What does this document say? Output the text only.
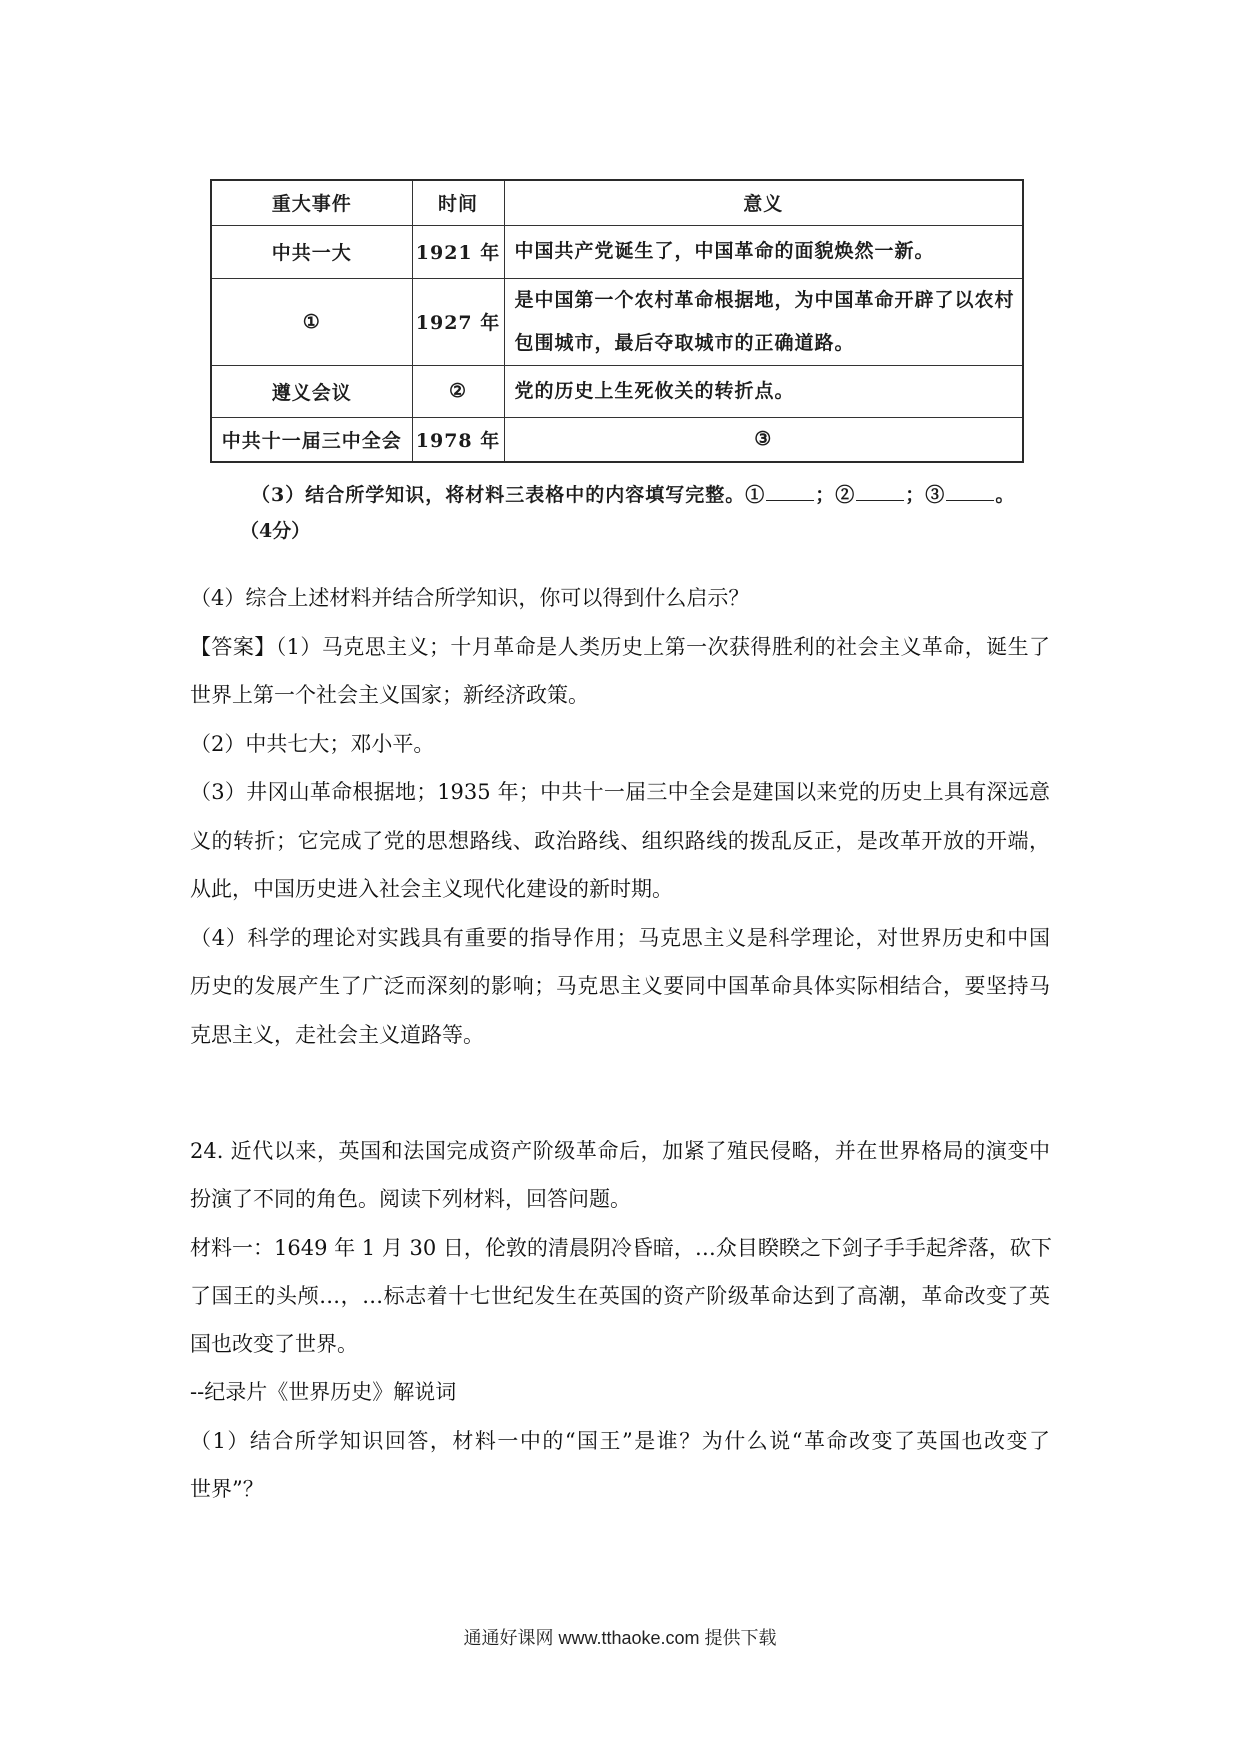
重大事件	时间	意义
中共一大	1921 年	中国共产党诞生了，中国革命的面貌焕然一新。

①	1927 年	是中国第一个农村革命根据地，为中国革命开辟了以农村
包围城市，最后夺取城市的正确道路。

遵义会议	②	党的历史上生死攸关的转折点。

中共十一届三中全会	1978 年	③
（3）结合所学知识，将材料三表格中的内容填写完整。①	；②	；③	。
（4分）
（4）综合上述材料并结合所学知识，你可以得到什么启示？
【答案】（1）马克思主义；十月革命是人类历史上第一次获得胜利的社会主义革命，诞生了
世界上第一个社会主义国家；新经济政策。
（2）中共七大；邓小平。
（3）井冈山革命根据地；1935 年；中共十一届三中全会是建国以来党的历史上具有深远意
义的转折；它完成了党的思想路线、政治路线、组织路线的拨乱反正，是改革开放的开端，
从此，中国历史进入社会主义现代化建设的新时期。
（4）科学的理论对实践具有重要的指导作用；马克思主义是科学理论，对世界历史和中国
历史的发展产生了广泛而深刻的影响；马克思主义要同中国革命具体实际相结合，要坚持马
克思主义，走社会主义道路等。
24. 近代以来，英国和法国完成资产阶级革命后，加紧了殖民侵略，并在世界格局的演变中
扮演了不同的角色。阅读下列材料，回答问题。
材料一：1649 年 1 月 30 日，伦敦的清晨阴冷昏暗，…众目睽睽之下剑子手手起斧落，砍下
了国王的头颅…，…标志着十七世纪发生在英国的资产阶级革命达到了高潮，革命改变了英
国也改变了世界。
--纪录片《世界历史》解说词
（1）结合所学知识回答，材料一中的“国王”是谁？为什么说“革命改变了英国也改变了
世界”？
通通好课网 www.tthaoke.com 提供下载
